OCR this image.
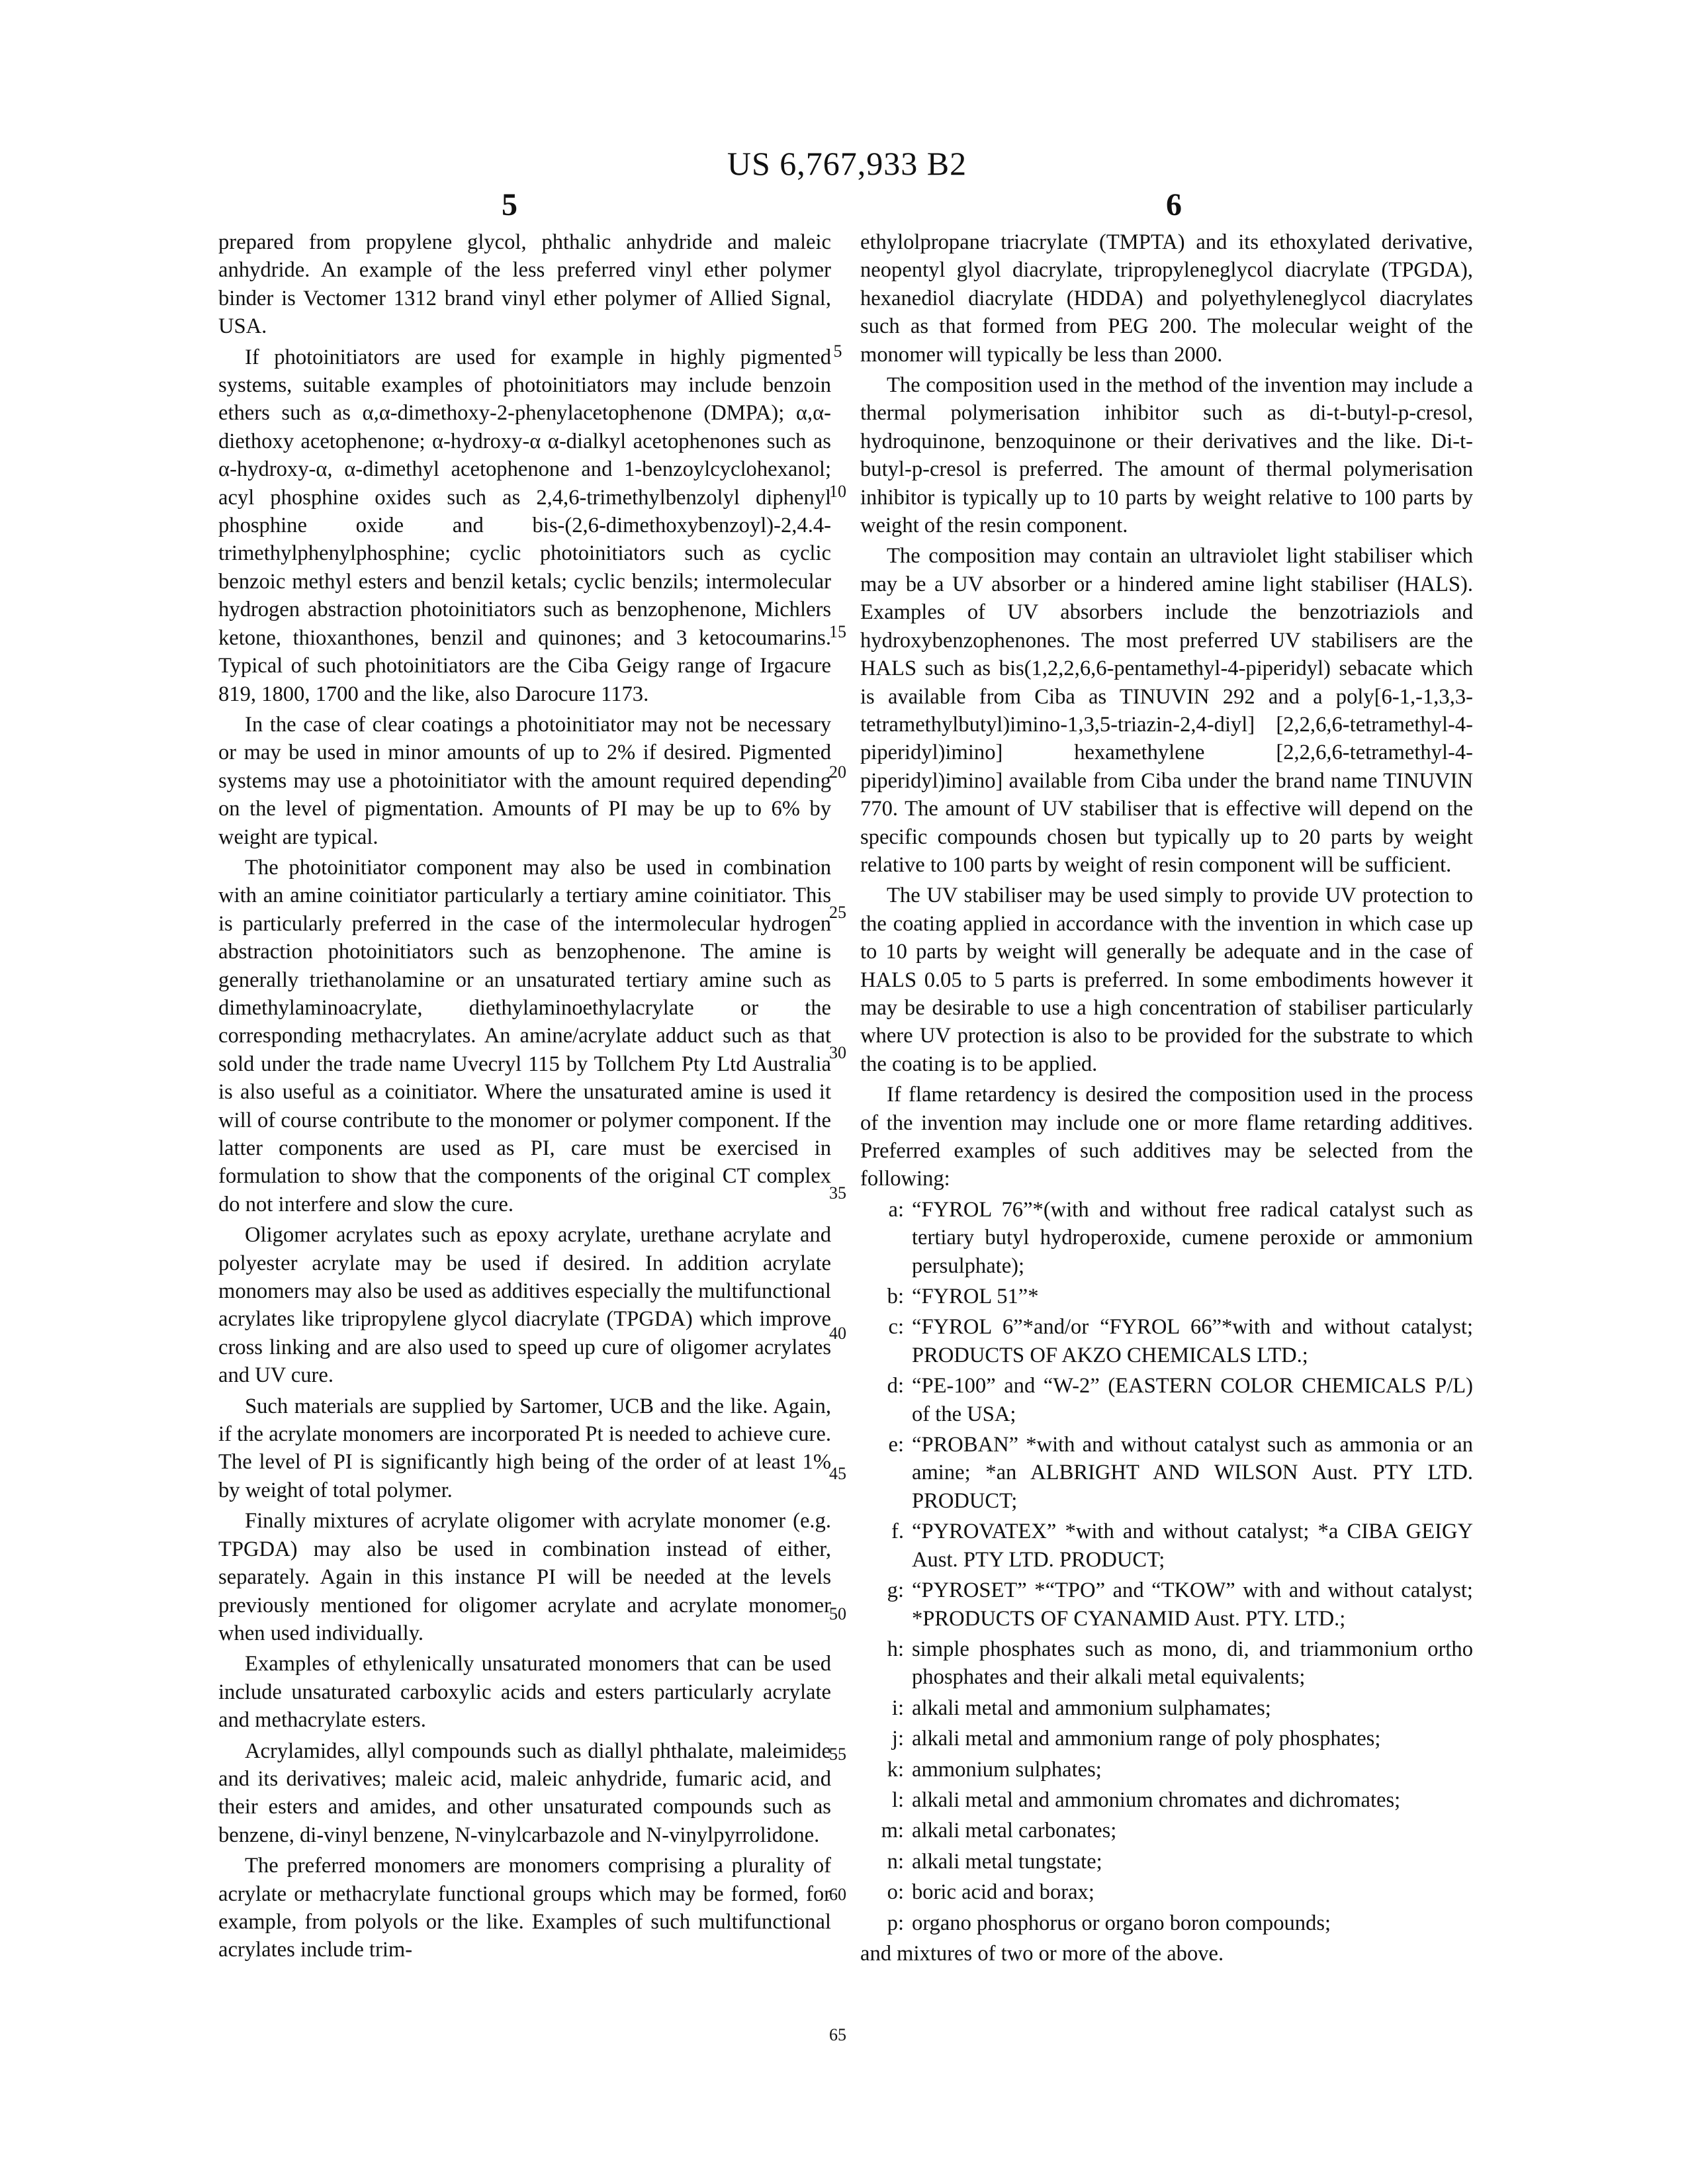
US 6,767,933 B2
5	6

prepared from propylene glycol, phthalic anhydride and maleic anhydride. An example of the less preferred vinyl ether polymer binder is Vectomer 1312 brand vinyl ether polymer of Allied Signal, USA.

If photoinitiators are used for example in highly pigmented systems, suitable examples of photoinitiators may include benzoin ethers such as α,α-dimethoxy-2-phenylacetophenone (DMPA); α,α-diethoxy acetophenone; α-hydroxy-α α-dialkyl acetophenones such as α-hydroxy-α, α-dimethyl acetophenone and 1-benzoylcyclohexanol; acyl phosphine oxides such as 2,4,6-trimethylbenzolyl diphenyl phosphine oxide and bis-(2,6-dimethoxybenzoyl)-2,4.4-trimethylphenylphosphine; cyclic photoinitiators such as cyclic benzoic methyl esters and benzil ketals; cyclic benzils; intermolecular hydrogen abstraction photoinitiators such as benzophenone, Michlers ketone, thioxanthones, benzil and quinones; and 3 ketocoumarins. Typical of such photoinitiators are the Ciba Geigy range of Irgacure 819, 1800, 1700 and the like, also Darocure 1173.

In the case of clear coatings a photoinitiator may not be necessary or may be used in minor amounts of up to 2% if desired. Pigmented systems may use a photoinitiator with the amount required depending on the level of pigmentation. Amounts of PI may be up to 6% by weight are typical.

The photoinitiator component may also be used in combination with an amine coinitiator particularly a tertiary amine coinitiator. This is particularly preferred in the case of the intermolecular hydrogen abstraction photoinitiators such as benzophenone. The amine is generally triethanolamine or an unsaturated tertiary amine such as dimethylaminoacrylate, diethylaminoethylacrylate or the corresponding methacrylates. An amine/acrylate adduct such as that sold under the trade name Uvecryl 115 by Tollchem Pty Ltd Australia is also useful as a coinitiator. Where the unsaturated amine is used it will of course contribute to the monomer or polymer component. If the latter components are used as PI, care must be exercised in formulation to show that the components of the original CT complex do not interfere and slow the cure.

Oligomer acrylates such as epoxy acrylate, urethane acrylate and polyester acrylate may be used if desired. In addition acrylate monomers may also be used as additives especially the multifunctional acrylates like tripropylene glycol diacrylate (TPGDA) which improve cross linking and are also used to speed up cure of oligomer acrylates and UV cure.

Such materials are supplied by Sartomer, UCB and the like. Again, if the acrylate monomers are incorporated Pt is needed to achieve cure. The level of PI is significantly high being of the order of at least 1% by weight of total polymer.

Finally mixtures of acrylate oligomer with acrylate monomer (e.g. TPGDA) may also be used in combination instead of either, separately. Again in this instance PI will be needed at the levels previously mentioned for oligomer acrylate and acrylate monomer when used individually.

Examples of ethylenically unsaturated monomers that can be used include unsaturated carboxylic acids and esters particularly acrylate and methacrylate esters.

Acrylamides, allyl compounds such as diallyl phthalate, maleimide and its derivatives; maleic acid, maleic anhydride, fumaric acid, and their esters and amides, and other unsaturated compounds such as benzene, di-vinyl benzene, N-vinylcarbazole and N-vinylpyrrolidone.

The preferred monomers are monomers comprising a plurality of acrylate or methacrylate functional groups which may be formed, for example, from polyols or the like. Examples of such multifunctional acrylates include trim-

5
10
15
20
25
30
35
40
45
50
55
60
65

ethylolpropane triacrylate (TMPTA) and its ethoxylated derivative, neopentyl glyol diacrylate, tripropyleneglycol diacrylate (TPGDA), hexanediol diacrylate (HDDA) and polyethyleneglycol diacrylates such as that formed from PEG 200. The molecular weight of the monomer will typically be less than 2000.

The composition used in the method of the invention may include a thermal polymerisation inhibitor such as di-t-butyl-p-cresol, hydroquinone, benzoquinone or their derivatives and the like. Di-t-butyl-p-cresol is preferred. The amount of thermal polymerisation inhibitor is typically up to 10 parts by weight relative to 100 parts by weight of the resin component.

The composition may contain an ultraviolet light stabiliser which may be a UV absorber or a hindered amine light stabiliser (HALS). Examples of UV absorbers include the benzotriaziols and hydroxybenzophenones. The most preferred UV stabilisers are the HALS such as bis(1,2,2,6,6-pentamethyl-4-piperidyl) sebacate which is available from Ciba as TINUVIN 292 and a poly[6-1,-1,3,3-tetramethylbutyl)imino-1,3,5-triazin-2,4-diyl] [2,2,6,6-tetramethyl-4-piperidyl)imino] hexamethylene [2,2,6,6-tetramethyl-4-piperidyl)imino] available from Ciba under the brand name TINUVIN 770. The amount of UV stabiliser that is effective will depend on the specific compounds chosen but typically up to 20 parts by weight relative to 100 parts by weight of resin component will be sufficient.

The UV stabiliser may be used simply to provide UV protection to the coating applied in accordance with the invention in which case up to 10 parts by weight will generally be adequate and in the case of HALS 0.05 to 5 parts is preferred. In some embodiments however it may be desirable to use a high concentration of stabiliser particularly where UV protection is also to be provided for the substrate to which the coating is to be applied.

If flame retardency is desired the composition used in the process of the invention may include one or more flame retarding additives. Preferred examples of such additives may be selected from the following:

a: “FYROL 76”*(with and without free radical catalyst such as tertiary butyl hydroperoxide, cumene peroxide or ammonium persulphate);
b: “FYROL 51”*
c: “FYROL 6”*and/or “FYROL 66”*with and without catalyst; PRODUCTS OF AKZO CHEMICALS LTD.;
d: “PE-100” and “W-2” (EASTERN COLOR CHEMICALS P/L) of the USA;
e: “PROBAN” *with and without catalyst such as ammonia or an amine; *an ALBRIGHT AND WILSON Aust. PTY LTD. PRODUCT;
f. “PYROVATEX” *with and without catalyst; *a CIBA GEIGY Aust. PTY LTD. PRODUCT;
g: “PYROSET” *“TPO” and “TKOW” with and without catalyst; *PRODUCTS OF CYANAMID Aust. PTY. LTD.;
h: simple phosphates such as mono, di, and triammonium ortho phosphates and their alkali metal equivalents;
i: alkali metal and ammonium sulphamates;
j: alkali metal and ammonium range of poly phosphates;
k: ammonium sulphates;
l: alkali metal and ammonium chromates and dichromates;
m: alkali metal carbonates;
n: alkali metal tungstate;
o: boric acid and borax;
p: organo phosphorus or organo boron compounds;

and mixtures of two or more of the above.
